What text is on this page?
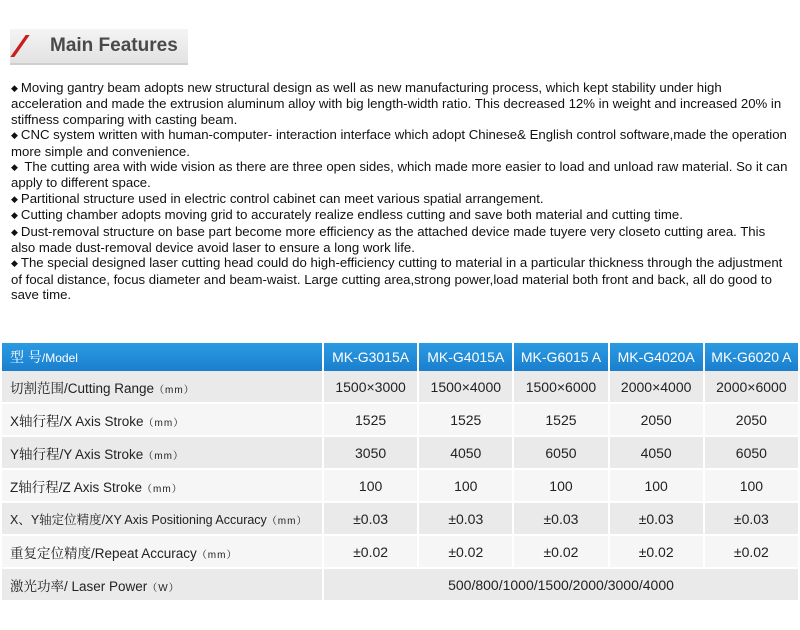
Main Features

◆ Moving gantry beam adopts new structural design as well as new manufacturing process, which kept stability under high acceleration and made the extrusion aluminum alloy with big length-width ratio. This decreased 12% in weight and increased 20% in stiffness comparing with casting beam.

◆ CNC system written with human-computer- interaction interface which adopt Chinese& English control software,made the operation more simple and convenience.

◆ The cutting area with wide vision as there are three open sides, which made more easier to load and unload raw material. So it can apply to different space.

◆ Partitional structure used in electric control cabinet can meet various spatial arrangement.

◆ Cutting chamber adopts moving grid to accurately realize endless cutting and save both material and cutting time.

◆ Dust-removal structure on base part become more efficiency as the attached device made tuyere very closeto cutting area. This also made dust-removal device avoid laser to ensure a long work life.

◆ The special designed laser cutting head could do high-efficiency cutting to material in a particular thickness through the adjustment of focal distance, focus diameter and beam-waist. Large cutting area,strong power,load material both front and back, all do good to save time.

型 号/Model	MK-G3015A	MK-G4015A	MK-G6015 A	MK-G4020A	MK-G6020 A
切割范围/Cutting Range（mm）	1500×3000	1500×4000	1500×6000	2000×4000	2000×6000
X轴行程/X Axis Stroke（mm）	1525	1525	1525	2050	2050
Y轴行程/Y Axis Stroke（mm）	3050	4050	6050	4050	6050
Z轴行程/Z Axis Stroke（mm）	100	100	100	100	100
X、Y轴定位精度/XY Axis Positioning Accuracy（mm）	±0.03	±0.03	±0.03	±0.03	±0.03
重复定位精度/Repeat Accuracy（mm）	±0.02	±0.02	±0.02	±0.02	±0.02
激光功率/ Laser Power（W）	500/800/1000/1500/2000/3000/4000				
